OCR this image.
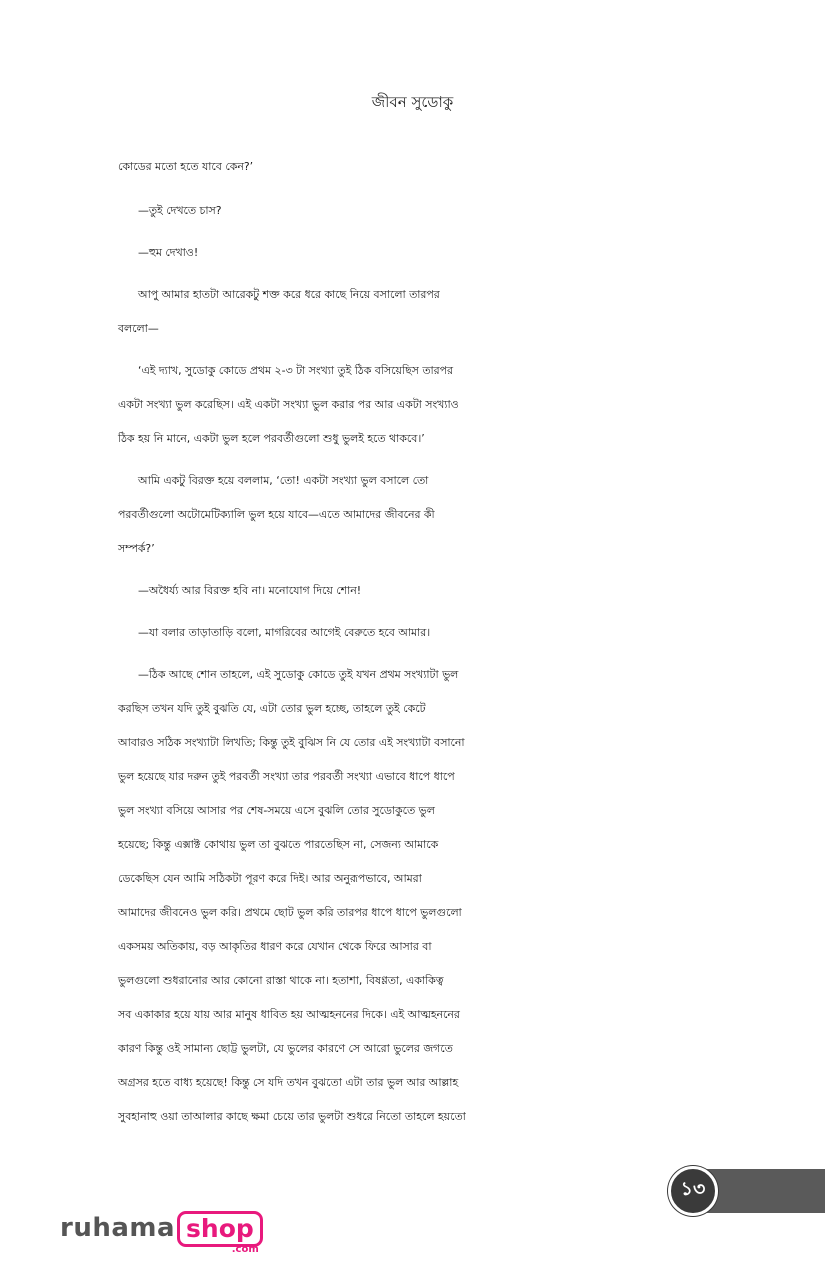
জীবন সুডোকু

কোডের মতো হতে যাবে কেন?’

—তুই দেখতে চাস?

—হুম দেখাও!

আপু আমার হাতটা আরেকটু শক্ত করে ধরে কাছে নিয়ে বসালো তারপর
বললো—

‘এই দ্যাখ, সুডোকু কোডে প্রথম ২-৩ টা সংখ্যা তুই ঠিক বসিয়েছিস তারপর
একটা সংখ্যা ভুল করেছিস। এই একটা সংখ্যা ভুল করার পর আর একটা সংখ্যাও
ঠিক হয় নি মানে, একটা ভুল হলে পরবর্তীগুলো শুধু ভুলই হতে থাকবে।’

আমি একটু বিরক্ত হয়ে বললাম, ‘তো! একটা সংখ্যা ভুল বসালে তো
পরবর্তীগুলো অটোমেটিক্যালি ভুল হয়ে যাবে—এতে আমাদের জীবনের কী
সম্পর্ক?’

—অধৈর্য্য আর বিরক্ত হবি না। মনোযোগ দিয়ে শোন!

—যা বলার তাড়াতাড়ি বলো, মাগরিবের আগেই বেরুতে হবে আমার।

—ঠিক আছে শোন তাহলে, এই সুডোকু কোডে তুই যখন প্রথম সংখ্যাটা ভুল
করছিস তখন যদি তুই বুঝতি যে, এটা তোর ভুল হচ্ছে, তাহলে তুই কেটে
আবারও সঠিক সংখ্যাটা লিখতি; কিন্তু তুই বুঝিস নি যে তোর এই সংখ্যাটা বসানো
ভুল হয়েছে যার দরুন তুই পরবর্তী সংখ্যা তার পরবর্তী সংখ্যা এভাবে ধাপে ধাপে
ভুল সংখ্যা বসিয়ে আসার পর শেষ-সময়ে এসে বুঝলি তোর সুডোকুতে ভুল
হয়েছে; কিন্তু এক্সাক্ট কোথায় ভুল তা বুঝতে পারতেছিস না, সেজন্য আমাকে
ডেকেছিস যেন আমি সঠিকটা পূরণ করে দিই। আর অনুরূপভাবে, আমরা
আমাদের জীবনেও ভুল করি। প্রথমে ছোট ভুল করি তারপর ধাপে ধাপে ভুলগুলো
একসময় অতিকায়, বড় আকৃতির ধারণ করে যেখান থেকে ফিরে আসার বা
ভুলগুলো শুধরানোর আর কোনো রাস্তা থাকে না। হতাশা, বিষণ্ণতা, একাকিত্ব
সব একাকার হয়ে যায় আর মানুষ ধাবিত হয় আত্মহননের দিকে। এই আত্মহননের
কারণ কিন্তু ওই সামান্য ছোট্ট ভুলটা, যে ভুলের কারণে সে আরো ভুলের জগতে
অগ্রসর হতে বাধ্য হয়েছে! কিন্তু সে যদি তখন বুঝতো এটা তার ভুল আর আল্লাহ
সুবহানাহু ওয়া তাআলার কাছে ক্ষমা চেয়ে তার ভুলটা শুধরে নিতো তাহলে হয়তো

১৩
ruhama shop
.com
